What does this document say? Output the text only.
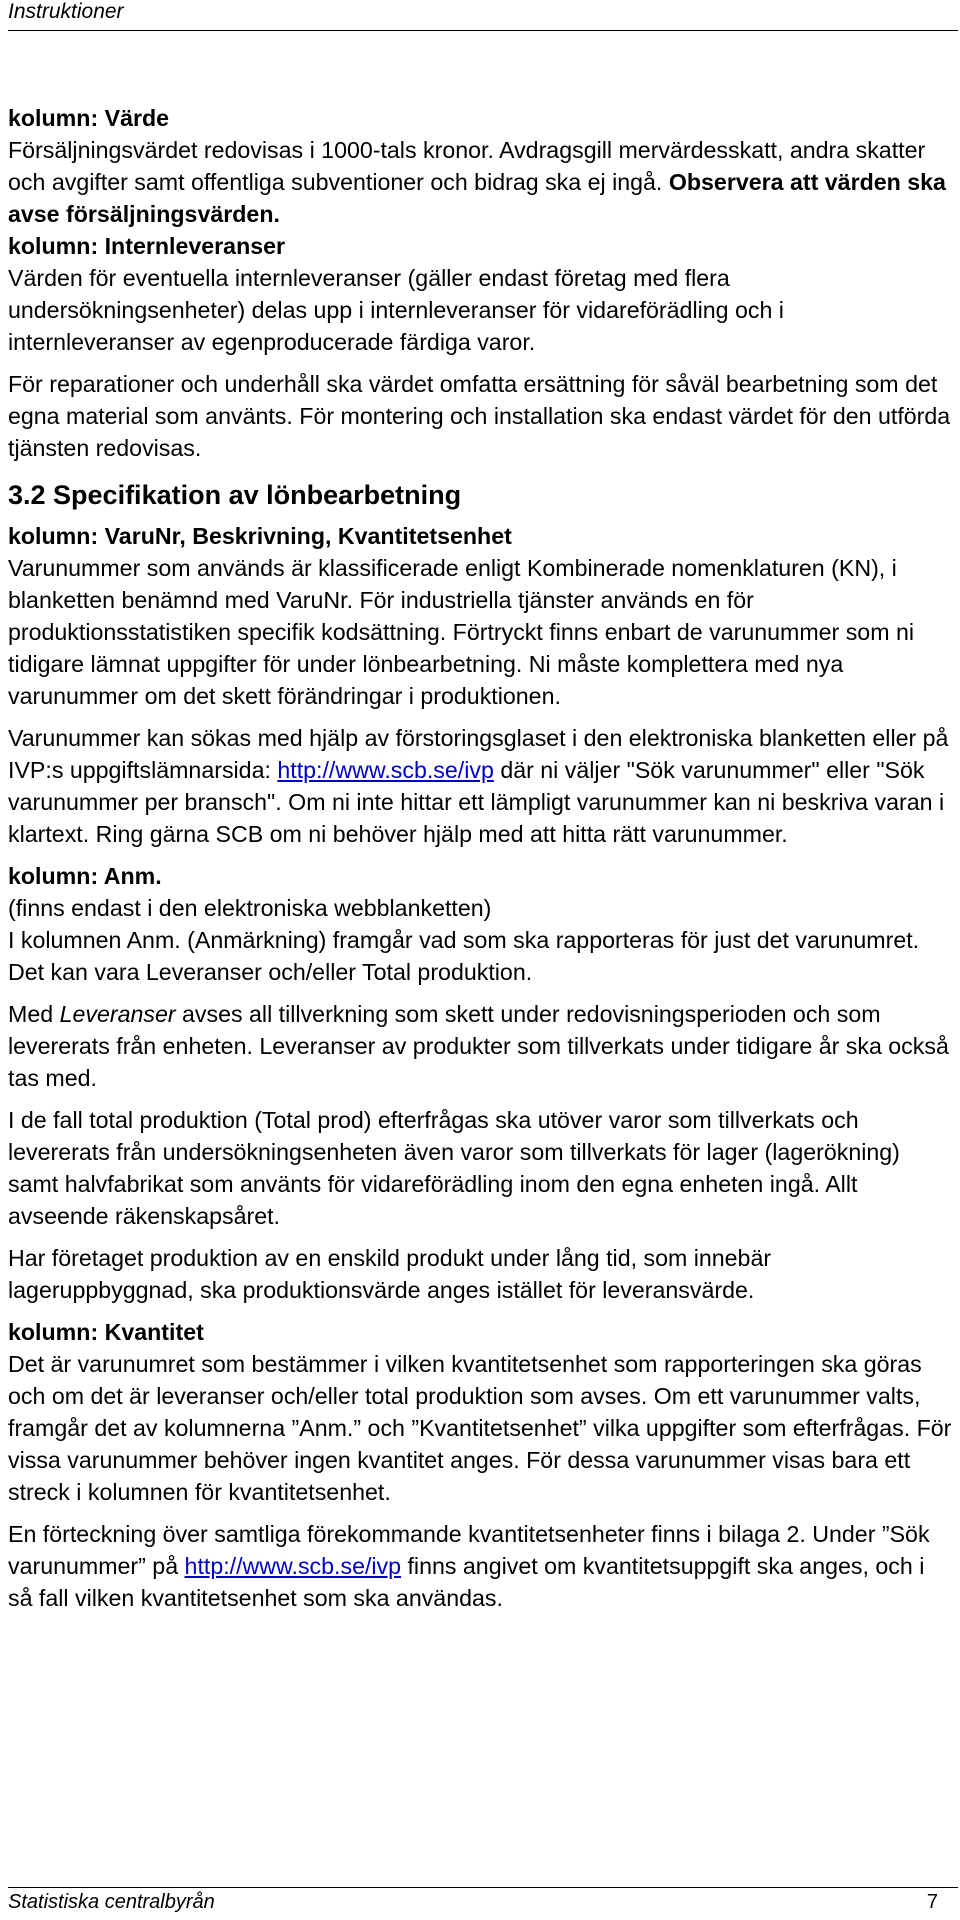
Instruktioner

kolumn: Värde

Försäljningsvärdet redovisas i 1000-tals kronor. Avdragsgill mervärdesskatt, andra skatter och avgifter samt offentliga subventioner och bidrag ska ej ingå. Observera att värden ska avse försäljningsvärden.

kolumn: Internleveranser

Värden för eventuella internleveranser (gäller endast företag med flera undersökningsenheter) delas upp i internleveranser för vidareförädling och i internleveranser av egenproducerade färdiga varor.

För reparationer och underhåll ska värdet omfatta ersättning för såväl bearbetning som det egna material som använts. För montering och installation ska endast värdet för den utförda tjänsten redovisas.

3.2 Specifikation av lönbearbetning

kolumn: VaruNr, Beskrivning, Kvantitetsenhet

Varunummer som används är klassificerade enligt Kombinerade nomenklaturen (KN), i blanketten benämnd med VaruNr. För industriella tjänster används en för produktionsstatistiken specifik kodsättning. Förtryckt finns enbart de varunummer som ni tidigare lämnat uppgifter för under lönbearbetning. Ni måste komplettera med nya varunummer om det skett förändringar i produktionen.

Varunummer kan sökas med hjälp av förstoringsglaset i den elektroniska blanketten eller på IVP:s uppgiftslämnarsida: http://www.scb.se/ivp där ni väljer "Sök varunummer" eller "Sök varunummer per bransch". Om ni inte hittar ett lämpligt varunummer kan ni beskriva varan i klartext. Ring gärna SCB om ni behöver hjälp med att hitta rätt varunummer.

kolumn: Anm.

(finns endast i den elektroniska webblanketten)

I kolumnen Anm. (Anmärkning) framgår vad som ska rapporteras för just det varunumret. Det kan vara Leveranser och/eller Total produktion.

Med Leveranser avses all tillverkning som skett under redovisningsperioden och som levererats från enheten. Leveranser av produkter som tillverkats under tidigare år ska också tas med.

I de fall total produktion (Total prod) efterfrågas ska utöver varor som tillverkats och levererats från undersökningsenheten även varor som tillverkats för lager (lagerökning) samt halvfabrikat som använts för vidareförädling inom den egna enheten ingå. Allt avseende räkenskapsåret.

Har företaget produktion av en enskild produkt under lång tid, som innebär lageruppbyggnad, ska produktionsvärde anges istället för leveransvärde.

kolumn: Kvantitet

Det är varunumret som bestämmer i vilken kvantitetsenhet som rapporteringen ska göras och om det är leveranser och/eller total produktion som avses. Om ett varunummer valts, framgår det av kolumnerna ”Anm.” och ”Kvantitetsenhet” vilka uppgifter som efterfrågas. För vissa varunummer behöver ingen kvantitet anges. För dessa varunummer visas bara ett streck i kolumnen för kvantitetsenhet.

En förteckning över samtliga förekommande kvantitetsenheter finns i bilaga 2. Under ”Sök varunummer” på http://www.scb.se/ivp finns angivet om kvantitetsuppgift ska anges, och i så fall vilken kvantitetsenhet som ska användas.

Statistiska centralbyrån	7
